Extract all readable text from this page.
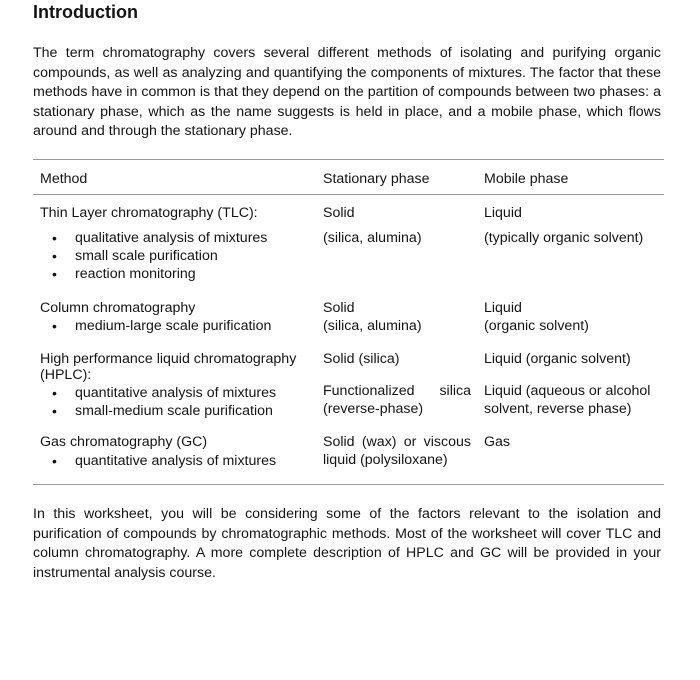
Introduction

The term chromatography covers several different methods of isolating and purifying organic compounds, as well as analyzing and quantifying the components of mixtures. The factor that these methods have in common is that they depend on the partition of compounds between two phases: a stationary phase, which as the name suggests is held in place, and a mobile phase, which flows around and through the stationary phase.

Method	Stationary phase	Mobile phase
Thin Layer chromatography (TLC):
• qualitative analysis of mixtures
• small scale purification
• reaction monitoring
Solid
(silica, alumina)
Liquid
(typically organic solvent)
Column chromatography
• medium-large scale purification
Solid
(silica, alumina)
Liquid
(organic solvent)
High performance liquid chromatography
(HPLC):
• quantitative analysis of mixtures
• small-medium scale purification
Solid (silica)
Functionalized silica
(reverse-phase)
Liquid (organic solvent)
Liquid (aqueous or alcohol
solvent, reverse phase)
Gas chromatography (GC)
• quantitative analysis of mixtures
Solid (wax) or viscous
liquid (polysiloxane)
Gas

In this worksheet, you will be considering some of the factors relevant to the isolation and purification of compounds by chromatographic methods. Most of the worksheet will cover TLC and column chromatography. A more complete description of HPLC and GC will be provided in your instrumental analysis course.
